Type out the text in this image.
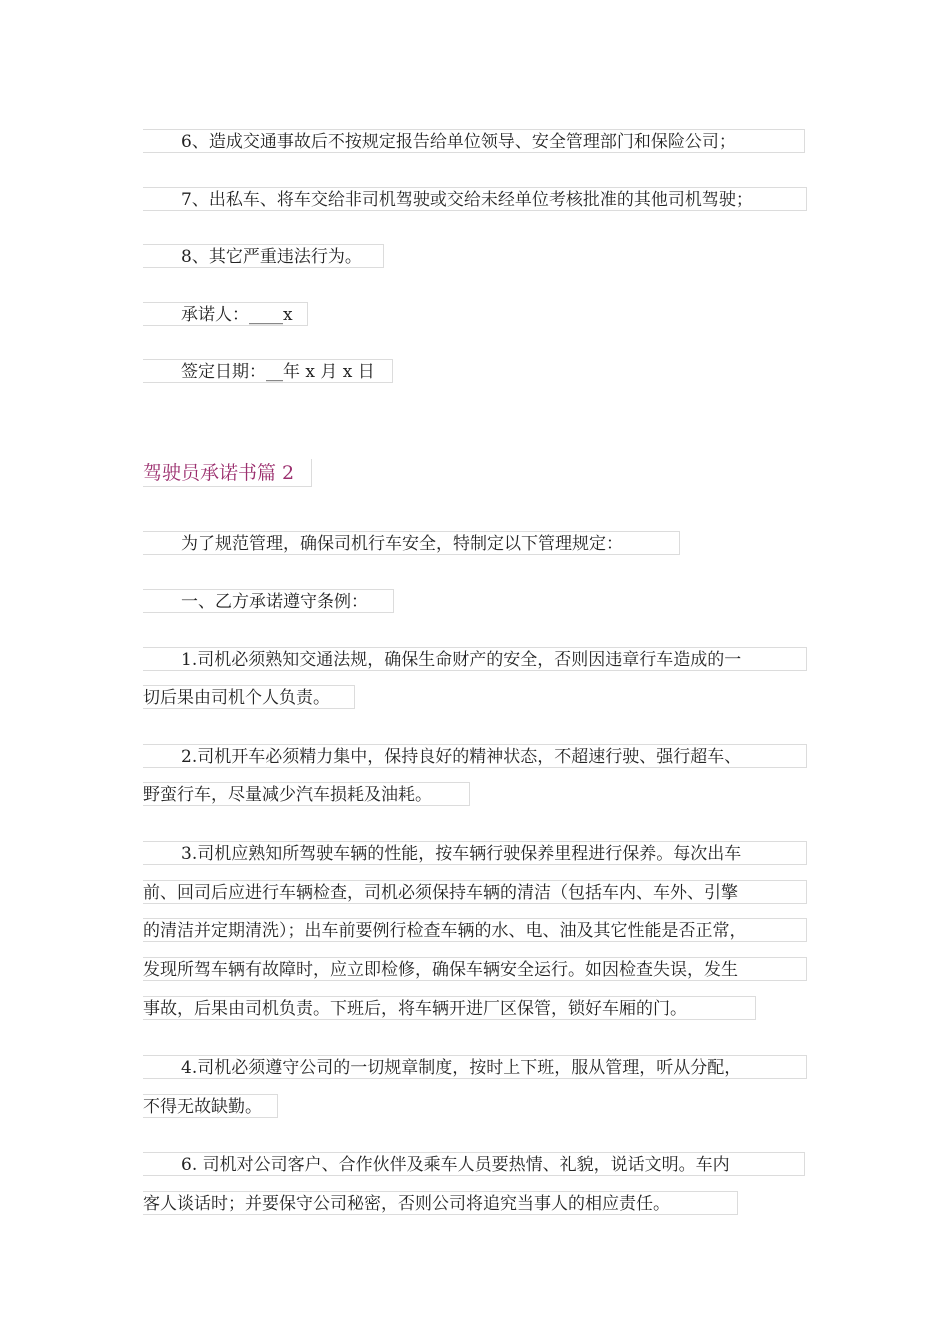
6、造成交通事故后不按规定报告给单位领导、安全管理部门和保险公司；
7、出私车、将车交给非司机驾驶或交给未经单位考核批准的其他司机驾驶；
8、其它严重违法行为。
承诺人：____x
签定日期：__年 x 月 x 日
驾驶员承诺书篇 2
为了规范管理，确保司机行车安全，特制定以下管理规定：
一、乙方承诺遵守条例：
1.司机必须熟知交通法规，确保生命财产的安全，否则因违章行车造成的一
切后果由司机个人负责。
2.司机开车必须精力集中，保持良好的精神状态，不超速行驶、强行超车、
野蛮行车，尽量减少汽车损耗及油耗。
3.司机应熟知所驾驶车辆的性能，按车辆行驶保养里程进行保养。每次出车
前、回司后应进行车辆检查，司机必须保持车辆的清洁（包括车内、车外、引擎
的清洁并定期清洗）；出车前要例行检查车辆的水、电、油及其它性能是否正常，
发现所驾车辆有故障时，应立即检修，确保车辆安全运行。如因检查失误，发生
事故，后果由司机负责。下班后，将车辆开进厂区保管，锁好车厢的门。
4.司机必须遵守公司的一切规章制度，按时上下班，服从管理，听从分配，
不得无故缺勤。
6. 司机对公司客户、合作伙伴及乘车人员要热情、礼貌，说话文明。车内
客人谈话时；并要保守公司秘密，否则公司将追究当事人的相应责任。
